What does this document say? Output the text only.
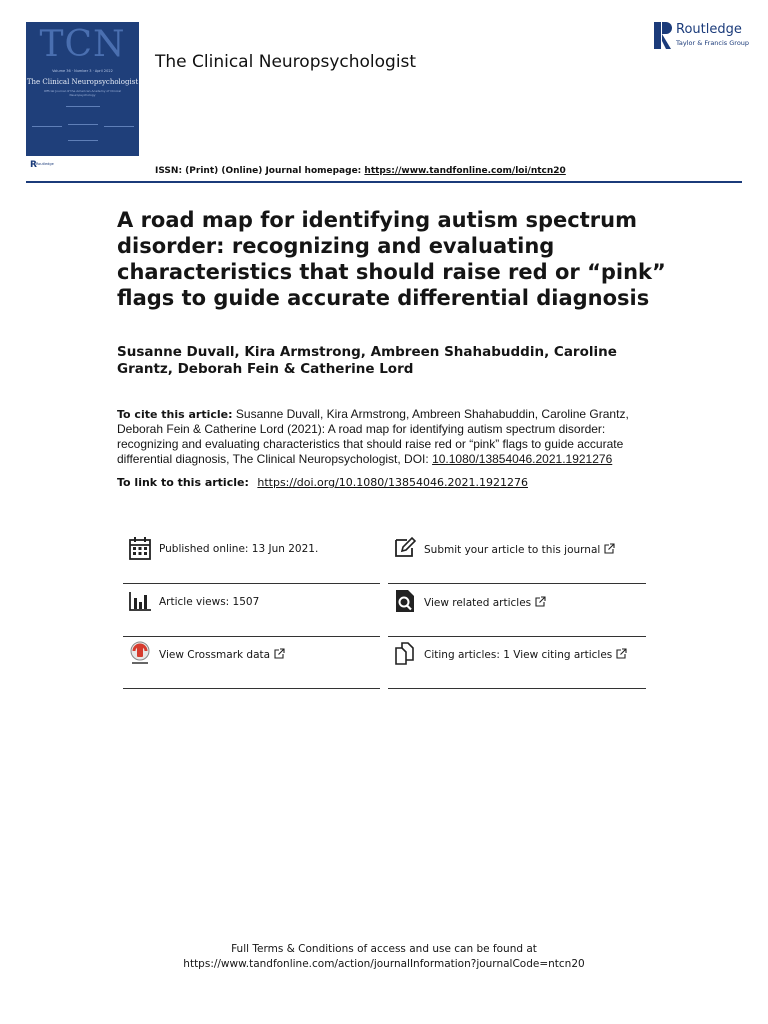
TCN
Volume 36 · Number 3 · April 2022
The Clinical Neuropsychologist
Official Journal of the American Academy of Clinical Neuropsychology
R Routledge
The Clinical Neuropsychologist
Routledge
Taylor & Francis Group
ISSN: (Print) (Online) Journal homepage: https://www.tandfonline.com/loi/ntcn20
A road map for identifying autism spectrum disorder: recognizing and evaluating characteristics that should raise red or “pink” flags to guide accurate differential diagnosis
Susanne Duvall, Kira Armstrong, Ambreen Shahabuddin, Caroline Grantz, Deborah Fein & Catherine Lord
To cite this article: Susanne Duvall, Kira Armstrong, Ambreen Shahabuddin, Caroline Grantz, Deborah Fein & Catherine Lord (2021): A road map for identifying autism spectrum disorder: recognizing and evaluating characteristics that should raise red or “pink” flags to guide accurate differential diagnosis, The Clinical Neuropsychologist, DOI: 10.1080/13854046.2021.1921276
To link to this article: https://doi.org/10.1080/13854046.2021.1921276
Published online: 13 Jun 2021.	Submit your article to this journal
Article views: 1507	View related articles
View Crossmark data	Citing articles: 1 View citing articles
Full Terms & Conditions of access and use can be found at
https://www.tandfonline.com/action/journalInformation?journalCode=ntcn20
